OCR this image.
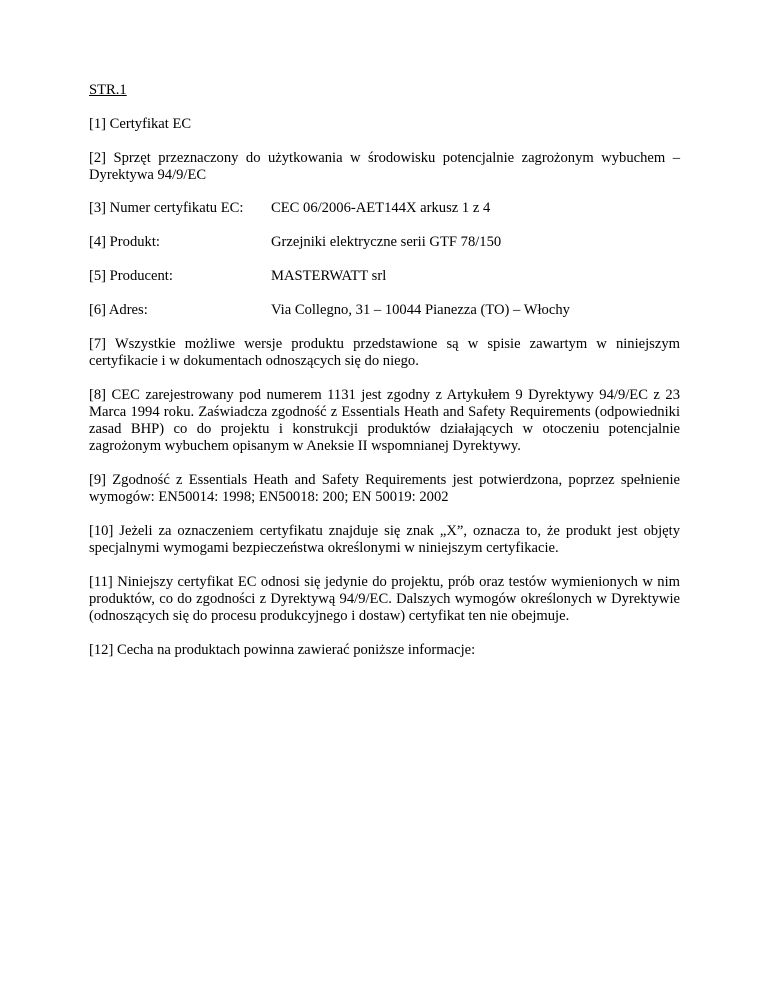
STR.1
[1] Certyfikat EC
[2] Sprzęt przeznaczony do użytkowania w środowisku potencjalnie zagrożonym wybuchem – Dyrektywa 94/9/EC
[3] Numer certyfikatu EC:	CEC 06/2006-AET144X arkusz 1 z 4
[4] Produkt:	Grzejniki elektryczne serii GTF 78/150
[5] Producent:	MASTERWATT srl
[6] Adres:	Via Collegno, 31 – 10044 Pianezza (TO) – Włochy
[7] Wszystkie możliwe wersje produktu przedstawione są w spisie zawartym w niniejszym certyfikacie i w dokumentach odnoszących się do niego.
[8] CEC zarejestrowany pod numerem 1131 jest zgodny z Artykułem 9 Dyrektywy 94/9/EC z 23 Marca 1994 roku. Zaświadcza zgodność z Essentials Heath and Safety Requirements (odpowiedniki zasad BHP) co do projektu i konstrukcji produktów działających w otoczeniu potencjalnie zagrożonym wybuchem opisanym w Aneksie II wspomnianej Dyrektywy.
[9] Zgodność z Essentials Heath and Safety Requirements jest potwierdzona, poprzez spełnienie wymogów: EN50014: 1998; EN50018: 200; EN 50019: 2002
[10] Jeżeli za oznaczeniem certyfikatu znajduje się znak „X”, oznacza to, że produkt jest objęty specjalnymi wymogami bezpieczeństwa określonymi w niniejszym certyfikacie.
[11] Niniejszy certyfikat EC odnosi się jedynie do projektu, prób oraz testów wymienionych w nim produktów, co do zgodności z Dyrektywą 94/9/EC. Dalszych wymogów określonych w Dyrektywie (odnoszących się do procesu produkcyjnego i dostaw) certyfikat ten nie obejmuje.
[12] Cecha na produktach powinna zawierać poniższe informacje:
